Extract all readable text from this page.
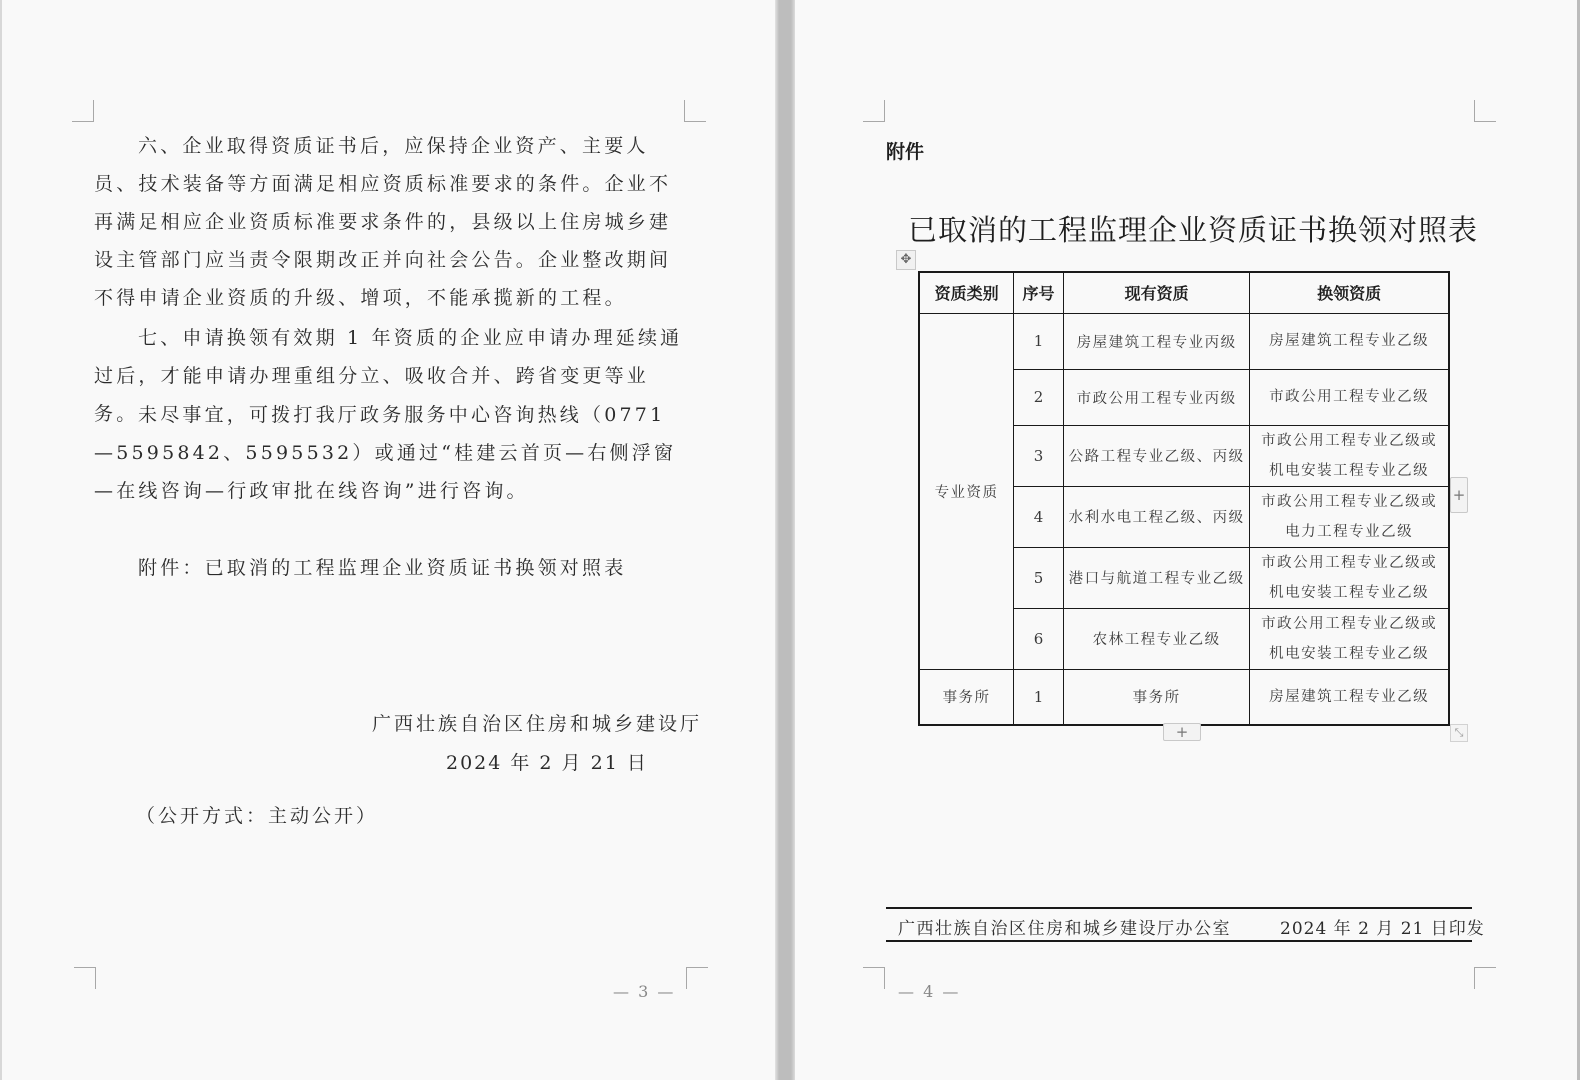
六、企业取得资质证书后，应保持企业资产、主要人员、技术装备等方面满足相应资质标准要求的条件。企业不再满足相应企业资质标准要求条件的，县级以上住房城乡建设主管部门应当责令限期改正并向社会公告。企业整改期间不得申请企业资质的升级、增项，不能承揽新的工程。
七、申请换领有效期 1 年资质的企业应申请办理延续通过后，才能申请办理重组分立、吸收合并、跨省变更等业务。 未尽事宜，可拨打我厅政务服务中心咨询热线（0771—5595842、5595532）或通过“桂建云首页—右侧浮窗—在线咨询—行政审批在线咨询”进行咨询。
附件：已取消的工程监理企业资质证书换领对照表
广西壮族自治区住房和城乡建设厅
2024 年 2 月 21 日
（公开方式：主动公开）
— 3 —
附件
已取消的工程监理企业资质证书换领对照表
✥
资质类别	序号	现有资质	换领资质
专业资质	1	房屋建筑工程专业丙级	房屋建筑工程专业乙级

	2	市政公用工程专业丙级	市政公用工程专业乙级

	3	公路工程专业乙级、丙级	市政公用工程专业乙级或
机电安装工程专业乙级

	4	水利水电工程乙级、丙级	市政公用工程专业乙级或
电力工程专业乙级

	5	港口与航道工程专业乙级	市政公用工程专业乙级或
机电安装工程专业乙级

	6	农林工程专业乙级	市政公用工程专业乙级或
机电安装工程专业乙级

事务所	1	事务所	房屋建筑工程专业乙级
+
+	⤡
广西壮族自治区住房和城乡建设厅办公室	2024 年 2 月 21 日印发
— 4 —
